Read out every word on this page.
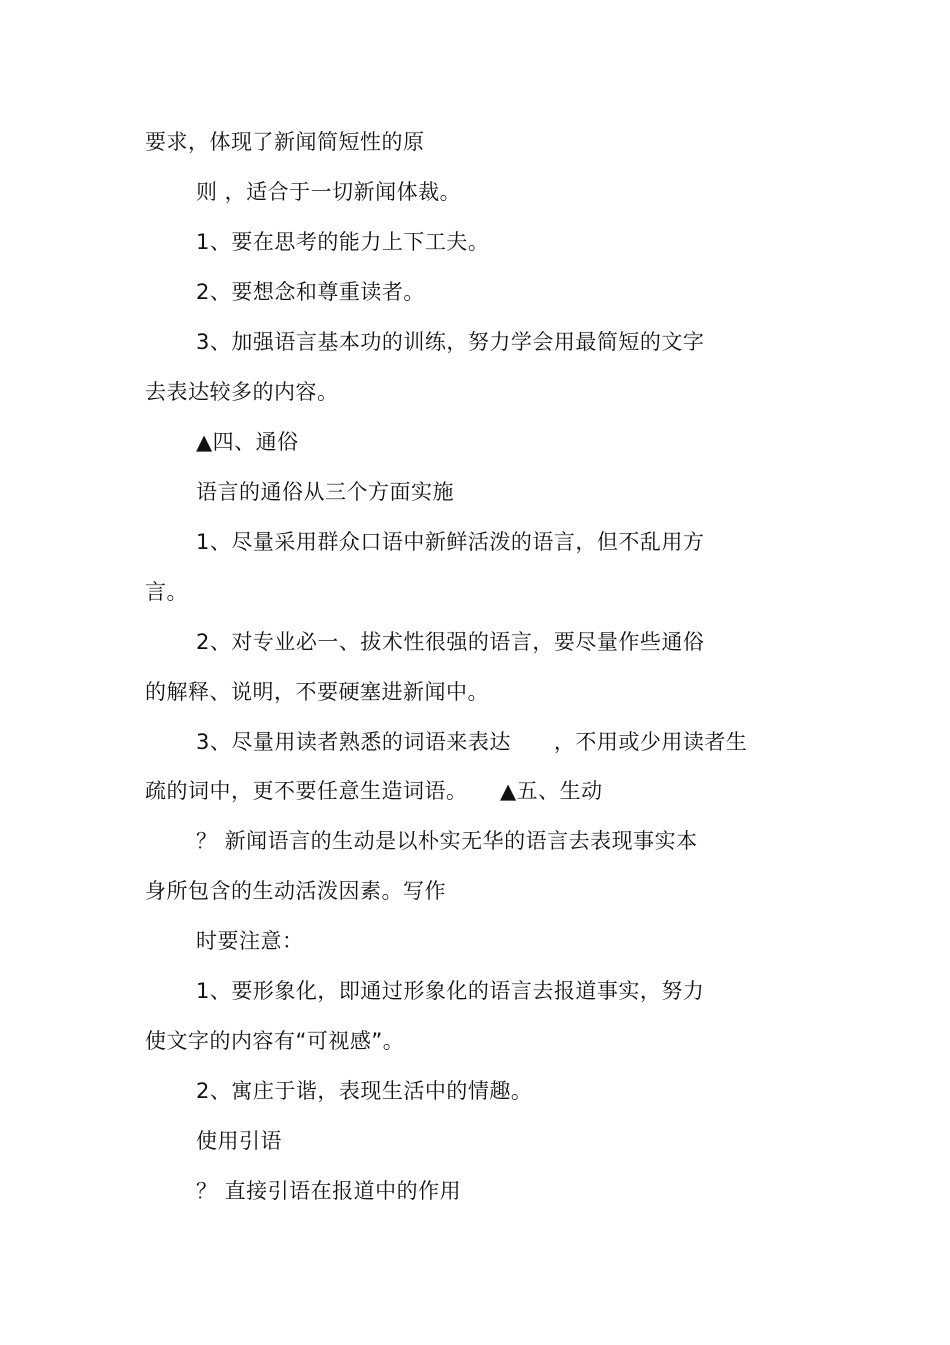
要求，体现了新闻简短性的原
则 ，适合于一切新闻体裁。
1、要在思考的能力上下工夫。
2、要想念和尊重读者。
3、加强语言基本功的训练，努力学会用最简短的文字
去表达较多的内容。
▲四、通俗
语言的通俗从三个方面实施
1、尽量采用群众口语中新鲜活泼的语言，但不乱用方
言。
2、对专业必一、拔术性很强的语言，要尽量作些通俗
的解释、说明，不要硬塞进新闻中。
3、尽量用读者熟悉的词语来表达　　，不用或少用读者生
疏的词中，更不要任意生造词语。　　▲五、生动
？ 新闻语言的生动是以朴实无华的语言去表现事实本
身所包含的生动活泼因素。写作
时要注意：
1、要形象化，即通过形象化的语言去报道事实，努力
使文字的内容有“可视感”。
2、寓庄于谐，表现生活中的情趣。
使用引语
？ 直接引语在报道中的作用
